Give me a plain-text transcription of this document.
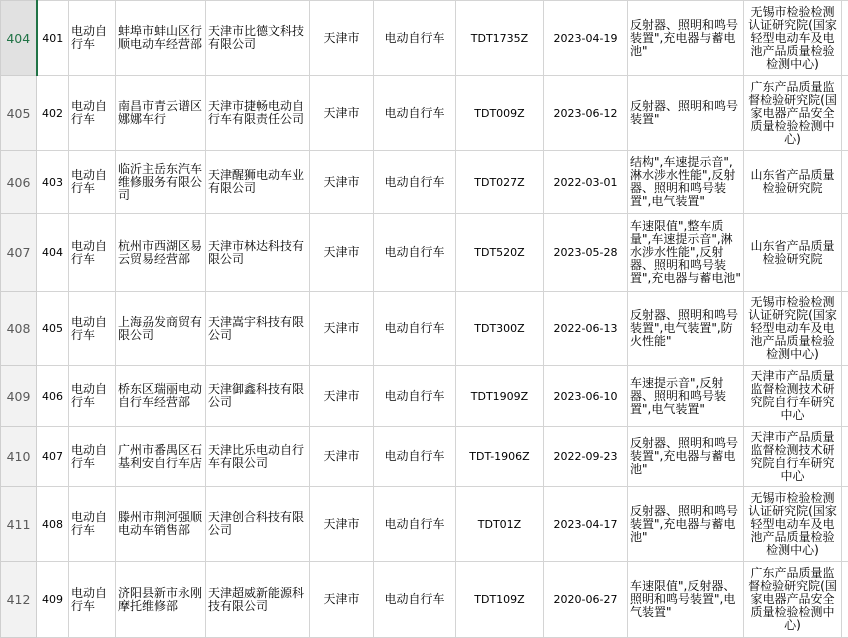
404	401	电动自行车	蚌埠市蚌山区行顺电动车经营部	天津市比德文科技有限公司	天津市	电动自行车	TDT1735Z	2023-04-19	反射器、照明和鸣号装置",充电器与蓄电池"	无锡市检验检测认证研究院(国家轻型电动车及电池产品质量检验检测中心)	
405	402	电动自行车	南昌市青云谱区娜娜车行	天津市捷畅电动自行车有限责任公司	天津市	电动自行车	TDT009Z	2023-06-12	反射器、照明和鸣号装置"	广东产品质量监督检验研究院(国家电器产品安全质量检验检测中心)	
406	403	电动自行车	临沂主岳东汽车维修服务有限公司	天津醒狮电动车业有限公司	天津市	电动自行车	TDT027Z	2022-03-01	结构",车速提示音",淋水涉水性能",反射器、照明和鸣号装置",电气装置"	山东省产品质量检验研究院	
407	404	电动自行车	杭州市西湖区易云贸易经营部	天津市林达科技有限公司	天津市	电动自行车	TDT520Z	2023-05-28	车速限值",整车质量",车速提示音",淋水涉水性能",反射器、照明和鸣号装置",充电器与蓄电池"	山东省产品质量检验研究院	
408	405	电动自行车	上海刕发商贸有限公司	天津嵩宇科技有限公司	天津市	电动自行车	TDT300Z	2022-06-13	反射器、照明和鸣号装置",电气装置",防火性能"	无锡市检验检测认证研究院(国家轻型电动车及电池产品质量检验检测中心)	
409	406	电动自行车	桥东区瑞丽电动自行车经营部	天津御鑫科技有限公司	天津市	电动自行车	TDT1909Z	2023-06-10	车速提示音",反射器、照明和鸣号装置",电气装置"	天津市产品质量监督检测技术研究院自行车研究中心	
410	407	电动自行车	广州市番禺区石基利安自行车店	天津比乐电动自行车有限公司	天津市	电动自行车	TDT-1906Z	2022-09-23	反射器、照明和鸣号装置",充电器与蓄电池"	天津市产品质量监督检测技术研究院自行车研究中心	
411	408	电动自行车	滕州市荆河强顺电动车销售部	天津创合科技有限公司	天津市	电动自行车	TDT01Z	2023-04-17	反射器、照明和鸣号装置",充电器与蓄电池"	无锡市检验检测认证研究院(国家轻型电动车及电池产品质量检验检测中心)	
412	409	电动自行车	济阳县新市永刚摩托维修部	天津超威新能源科技有限公司	天津市	电动自行车	TDT109Z	2020-06-27	车速限值",反射器、照明和鸣号装置",电气装置"	广东产品质量监督检验研究院(国家电器产品安全质量检验检测中心)	
